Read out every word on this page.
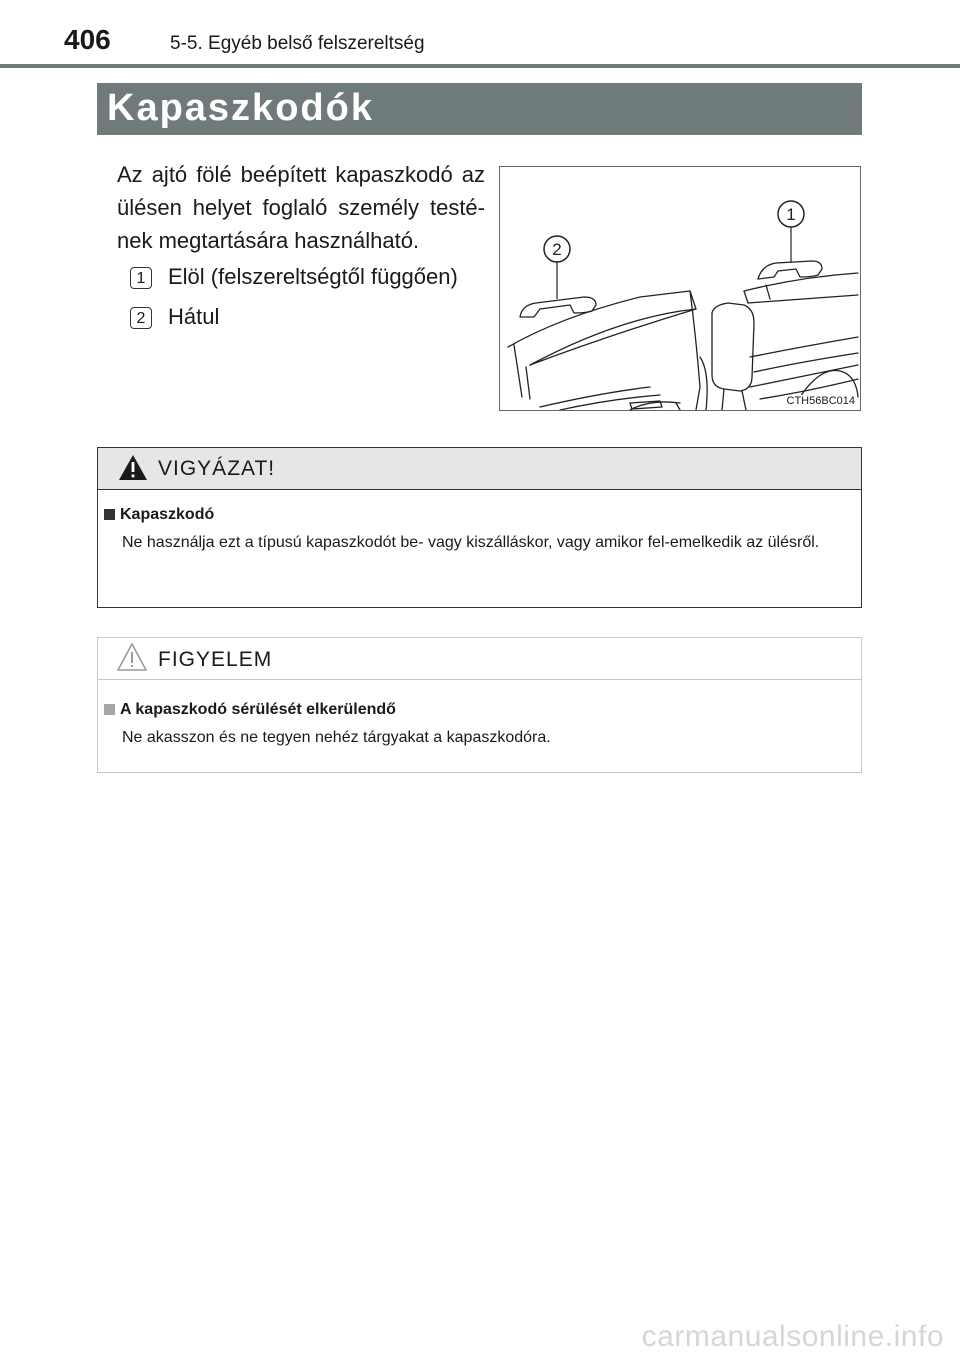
406	5-5. Egyéb belső felszereltség
Kapaszkodók
Az ajtó fölé beépített kapaszkodó az ülésen helyet foglaló személy testé-nek megtartására használható.
1 Elöl (felszereltségtől függően)
2 Hátul
1
2
CTH56BC014
VIGYÁZAT!
Kapaszkodó
Ne használja ezt a típusú kapaszkodót be- vagy kiszálláskor, vagy amikor fel-emelkedik az ülésről.
FIGYELEM
A kapaszkodó sérülését elkerülendő
Ne akasszon és ne tegyen nehéz tárgyakat a kapaszkodóra.
carmanualsonline.info
